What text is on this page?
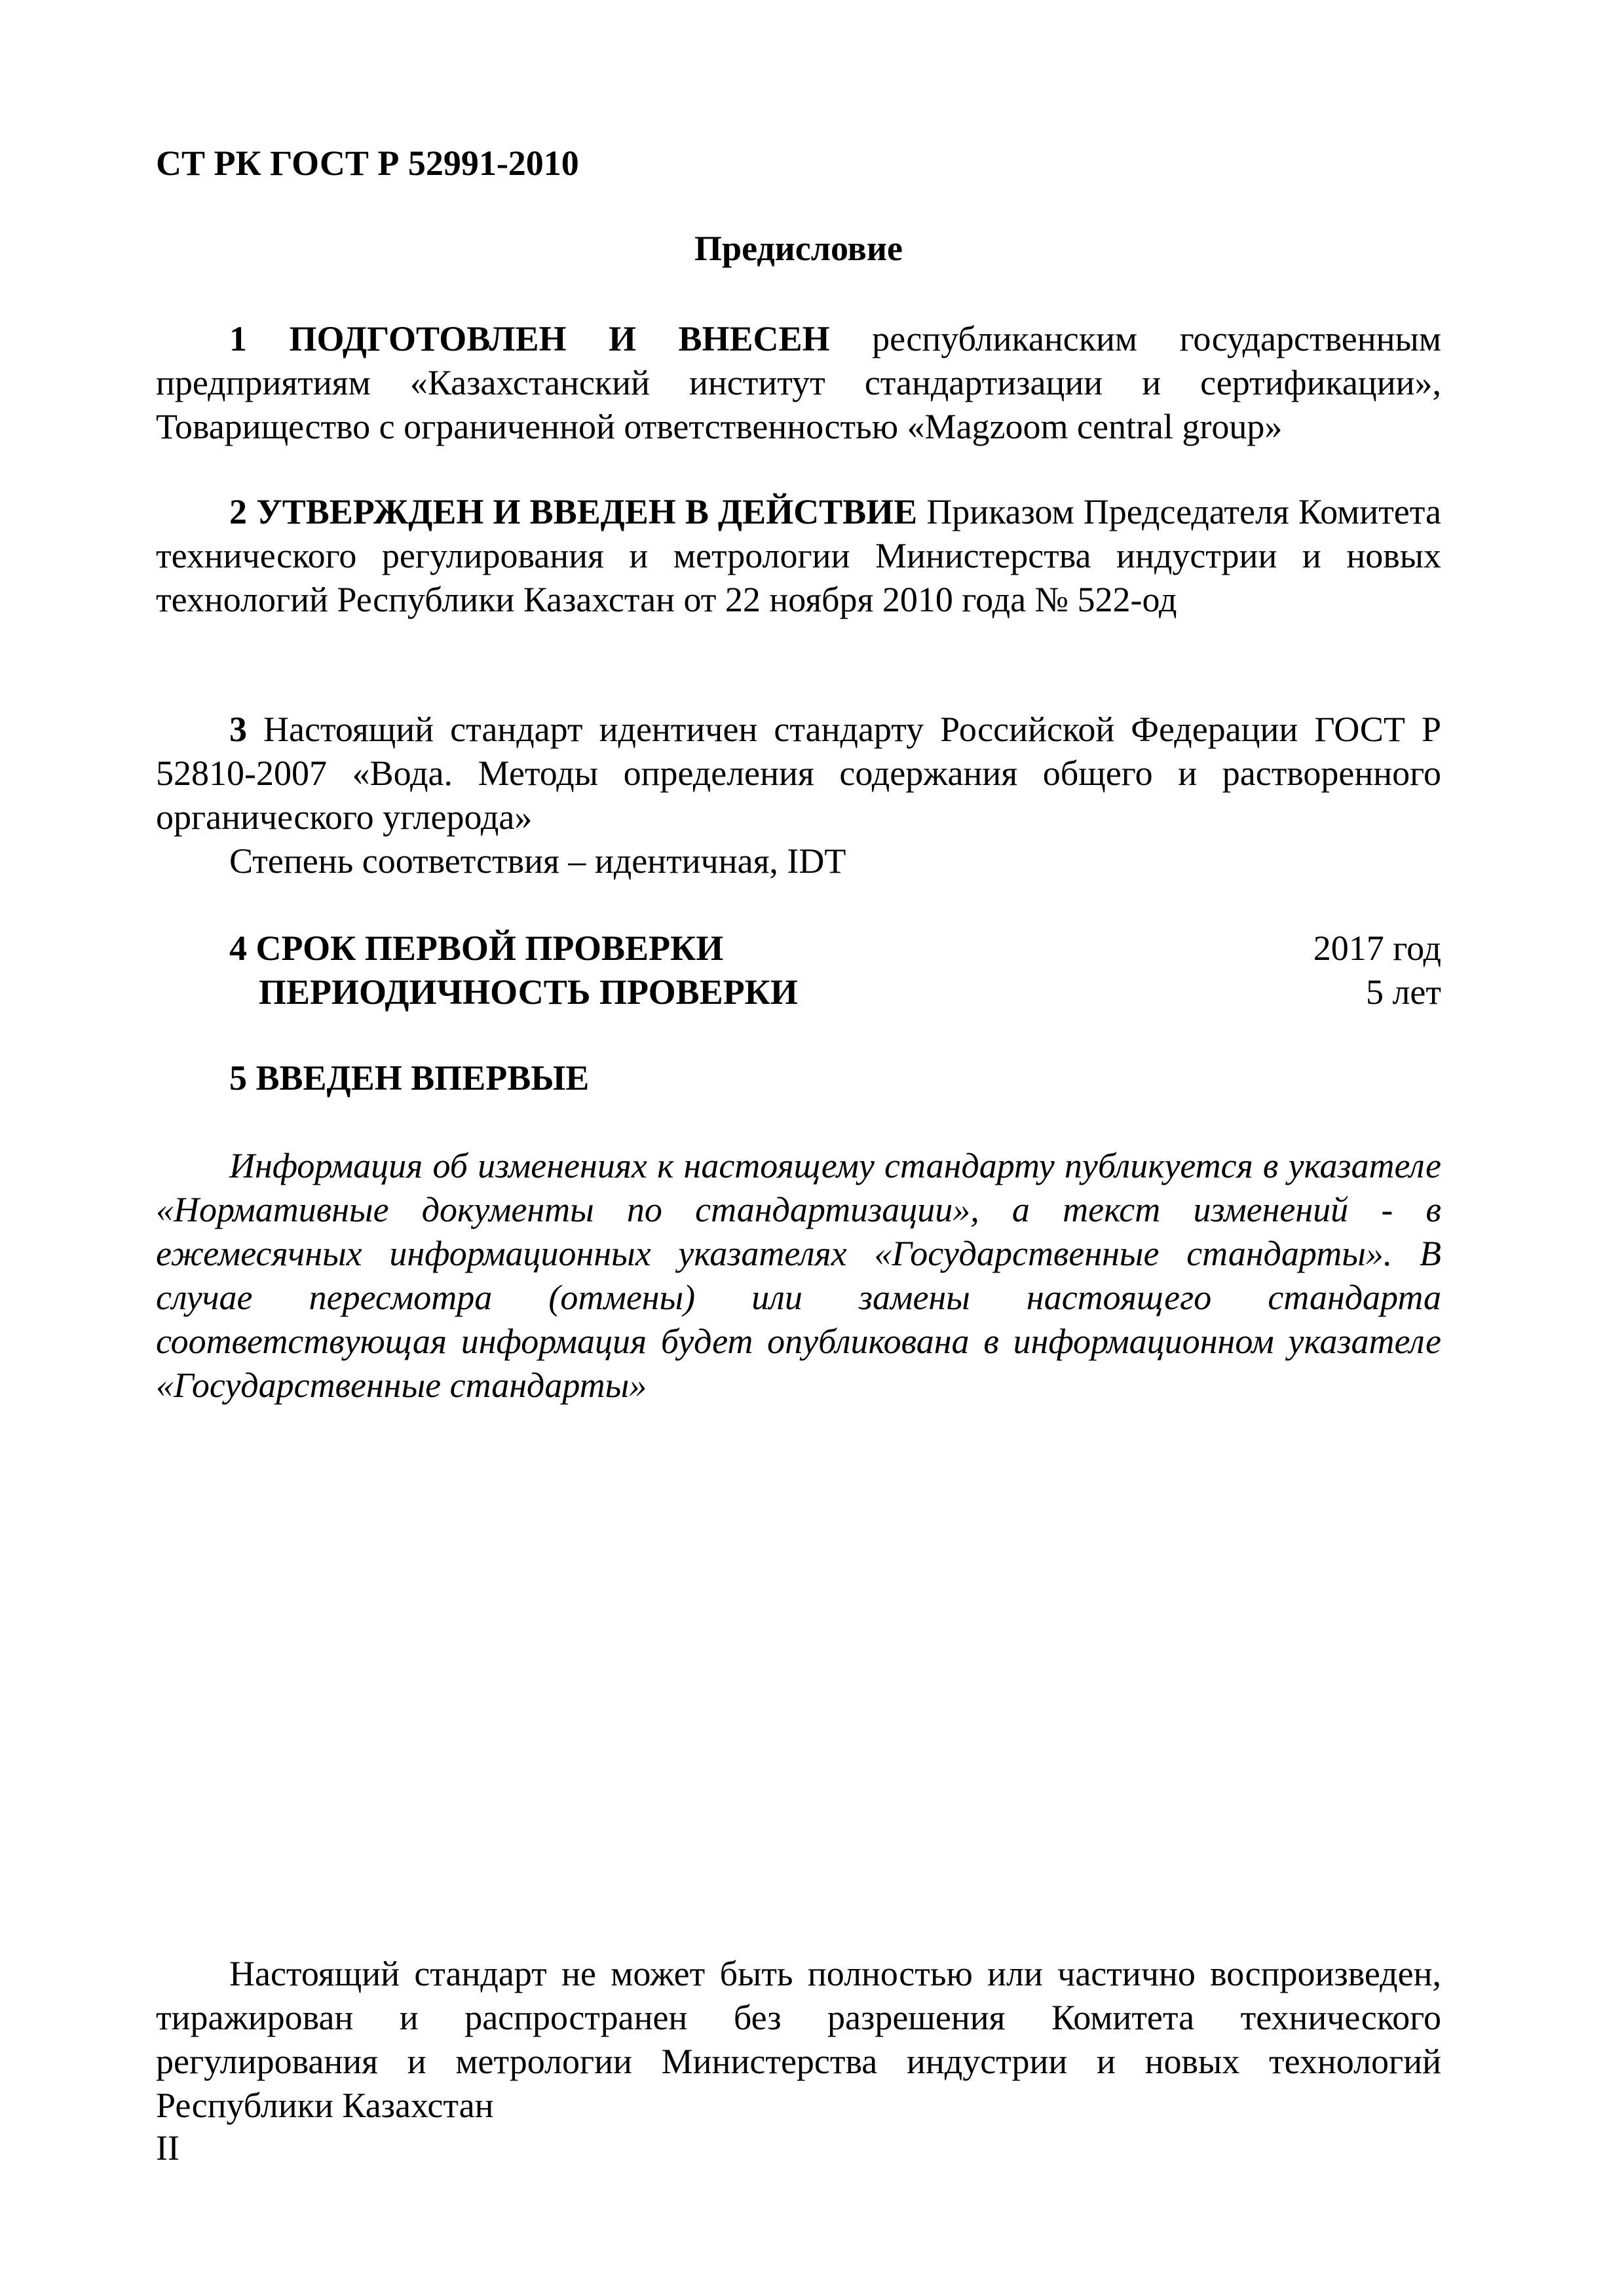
СТ РК ГОСТ Р 52991-2010
Предисловие
1 ПОДГОТОВЛЕН И ВНЕСЕН республиканским государственным предприятиям «Казахстанский институт стандартизации и сертификации», Товарищество с ограниченной ответственностью «Magzoom central group»
2 УТВЕРЖДЕН И ВВЕДЕН В ДЕЙСТВИЕ Приказом Председателя Комитета технического регулирования и метрологии Министерства индустрии и новых технологий Республики Казахстан от 22 ноября 2010 года № 522-од
3 Настоящий стандарт идентичен стандарту Российской Федерации ГОСТ Р 52810-2007 «Вода. Методы определения содержания общего и растворенного органического углерода»
Степень соответствия – идентичная, IDT
4 СРОК ПЕРВОЙ ПРОВЕРКИ	2017 год
ПЕРИОДИЧНОСТЬ ПРОВЕРКИ	5 лет
5 ВВЕДЕН ВПЕРВЫЕ
Информация об изменениях к настоящему стандарту публикуется в указателе «Нормативные документы по стандартизации», а текст изменений - в ежемесячных информационных указателях «Государственные стандарты». В случае пересмотра (отмены) или замены настоящего стандарта соответствующая информация будет опубликована в информационном указателе «Государственные стандарты»
Настоящий стандарт не может быть полностью или частично воспроизведен, тиражирован и распространен без разрешения Комитета технического регулирования и метрологии Министерства индустрии и новых технологий Республики Казахстан
II
